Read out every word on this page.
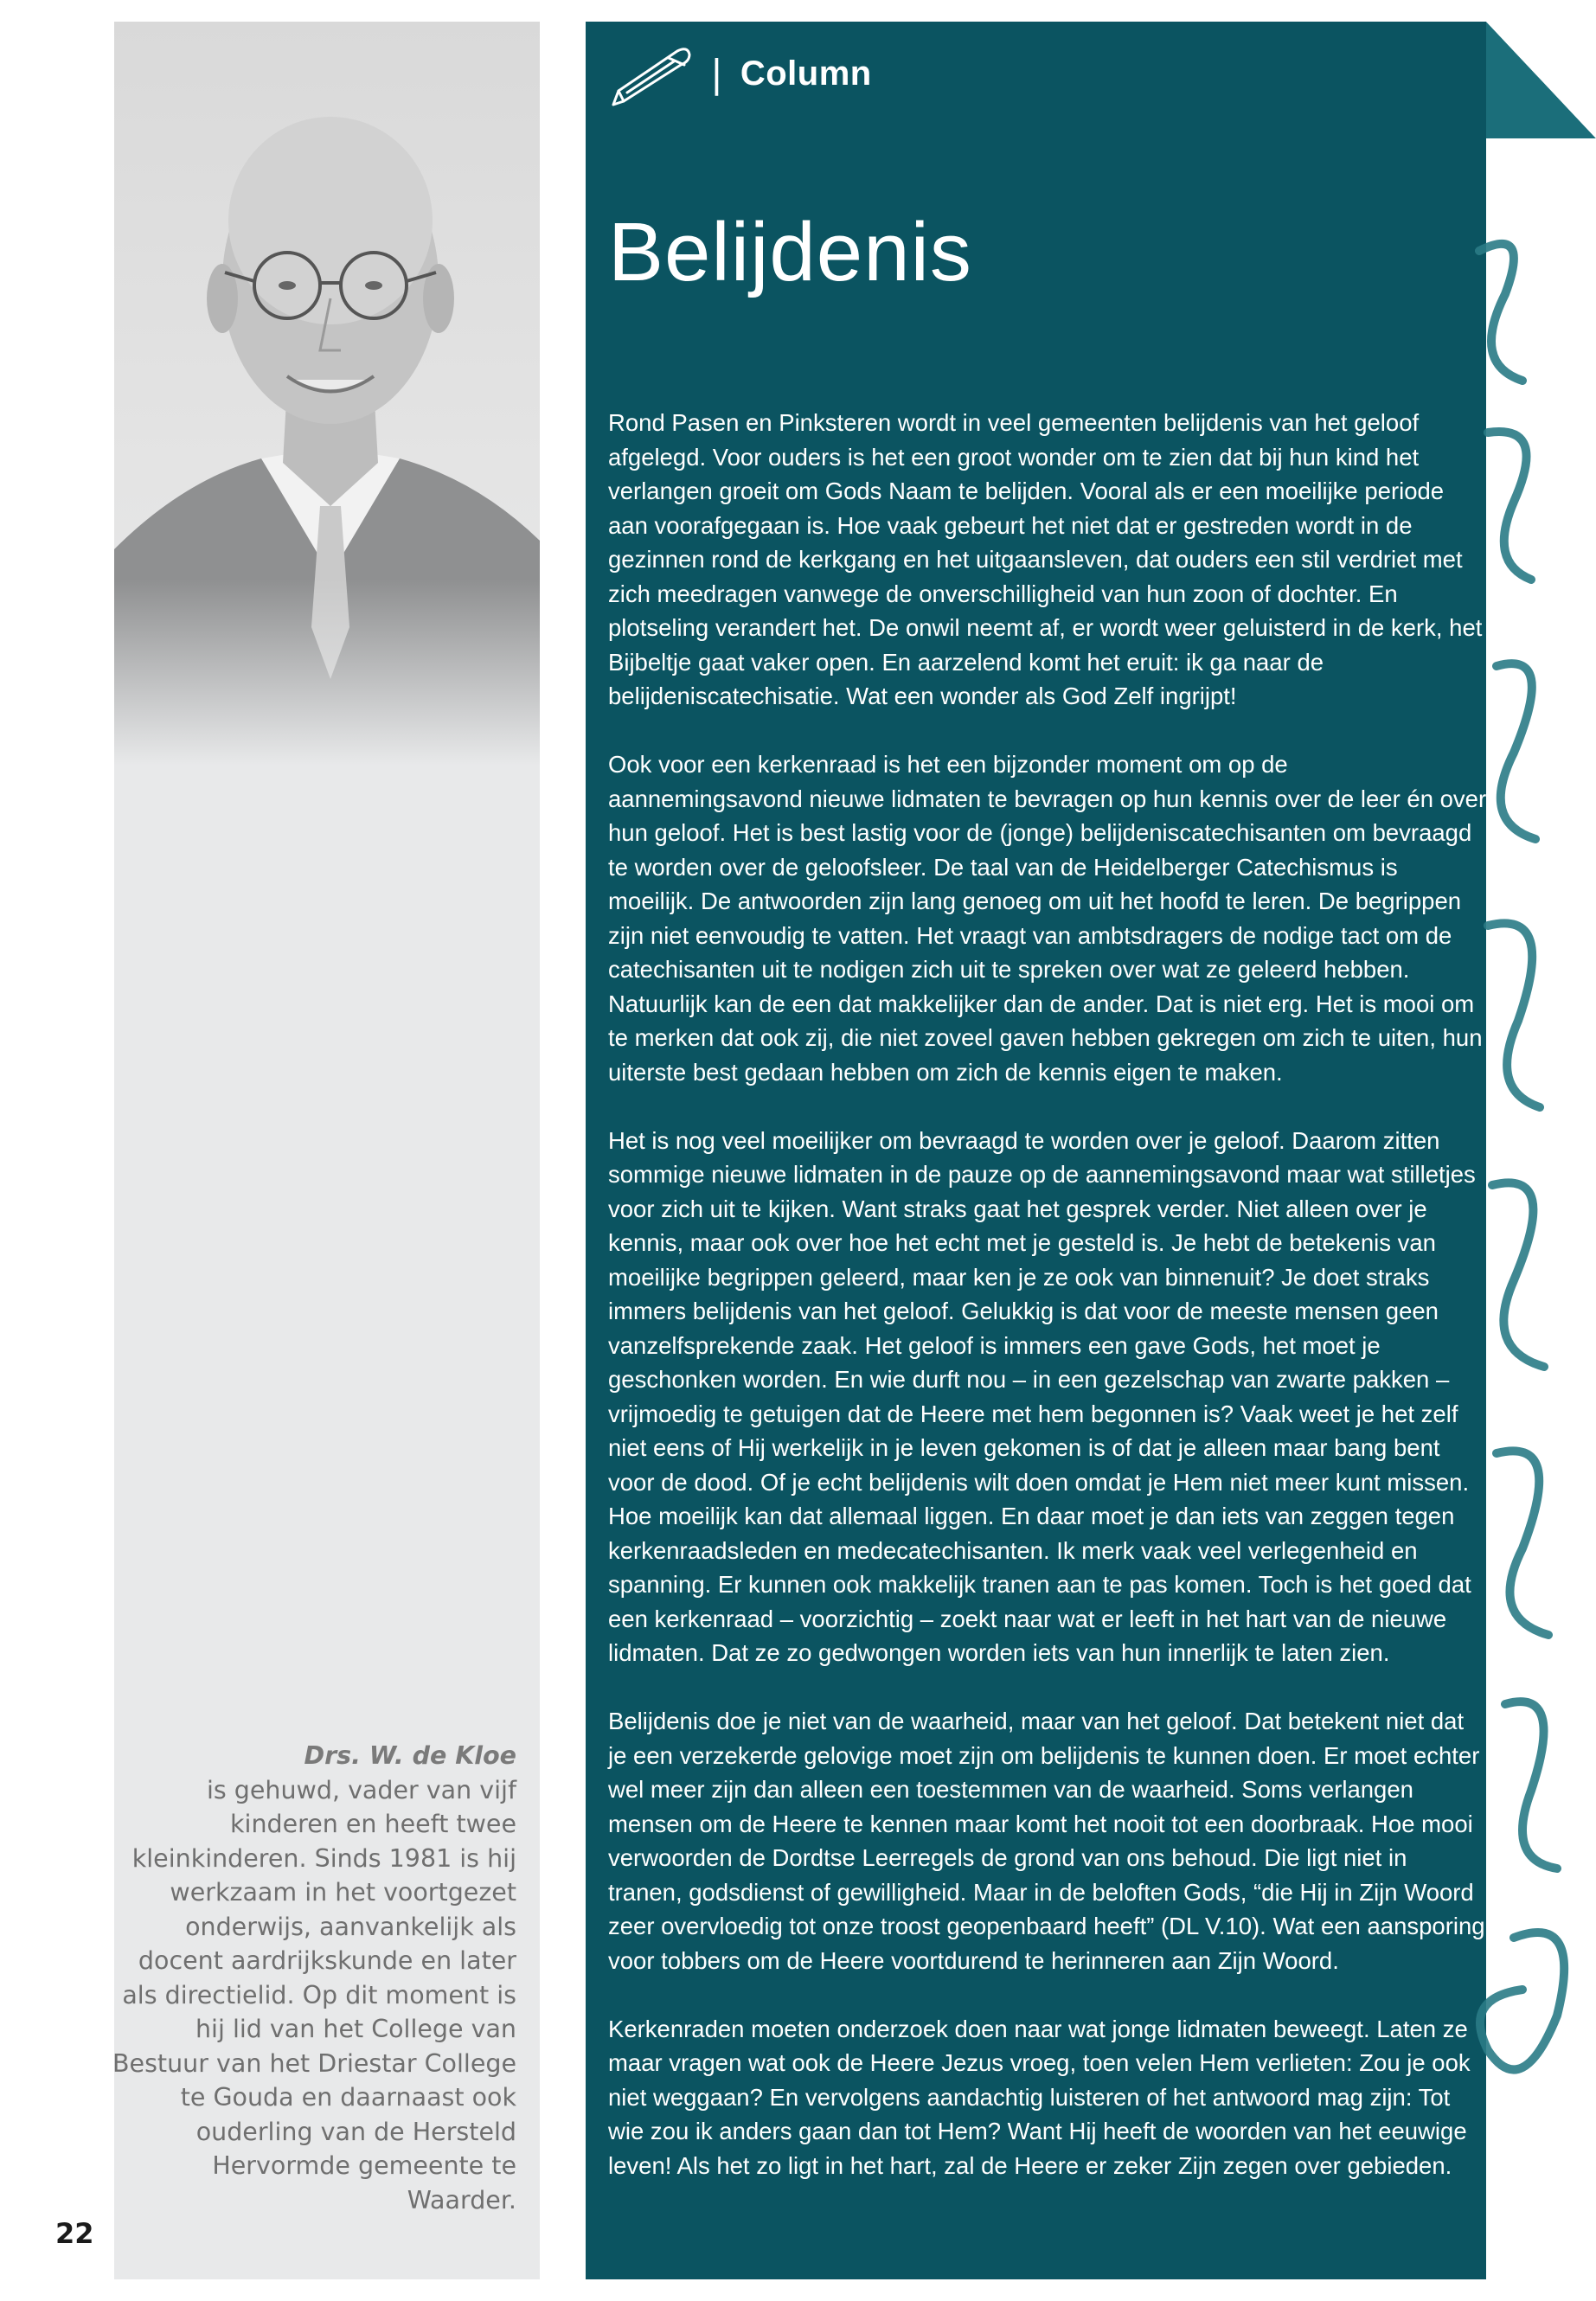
Drs. W. de Kloe
is gehuwd, vader van vijf kinderen en heeft twee kleinkinderen. Sinds 1981 is hij werkzaam in het voortgezet onderwijs, aanvankelijk als docent aardrijkskunde en later als directielid. Op dit moment is hij lid van het College van Bestuur van het Driestar College te Gouda en daarnaast ook ouderling van de Hersteld Hervormde gemeente te Waarder.
22
| Column
Belijdenis

Rond Pasen en Pinksteren wordt in veel gemeenten belijdenis van het geloof afgelegd. Voor ouders is het een groot wonder om te zien dat bij hun kind het verlangen groeit om Gods Naam te belijden. Vooral als er een moeilijke periode aan voorafgegaan is. Hoe vaak gebeurt het niet dat er gestreden wordt in de gezinnen rond de kerkgang en het uitgaansleven, dat ouders een stil verdriet met zich meedragen vanwege de onverschilligheid van hun zoon of dochter. En plotseling verandert het. De onwil neemt af, er wordt weer geluisterd in de kerk, het Bijbeltje gaat vaker open. En aarzelend komt het eruit: ik ga naar de belijdeniscatechisatie. Wat een wonder als God Zelf ingrijpt!

Ook voor een kerkenraad is het een bijzonder moment om op de aannemingsavond nieuwe lidmaten te bevragen op hun kennis over de leer én over hun geloof. Het is best lastig voor de (jonge) belijdeniscatechisanten om bevraagd te worden over de geloofsleer. De taal van de Heidelberger Catechismus is moeilijk. De antwoorden zijn lang genoeg om uit het hoofd te leren. De begrippen zijn niet eenvoudig te vatten. Het vraagt van ambtsdragers de nodige tact om de catechisanten uit te nodigen zich uit te spreken over wat ze geleerd hebben. Natuurlijk kan de een dat makkelijker dan de ander. Dat is niet erg. Het is mooi om te merken dat ook zij, die niet zoveel gaven hebben gekregen om zich te uiten, hun uiterste best gedaan hebben om zich de kennis eigen te maken.

Het is nog veel moeilijker om bevraagd te worden over je geloof. Daarom zitten sommige nieuwe lidmaten in de pauze op de aannemingsavond maar wat stilletjes voor zich uit te kijken. Want straks gaat het gesprek verder. Niet alleen over je kennis, maar ook over hoe het echt met je gesteld is. Je hebt de betekenis van moeilijke begrippen geleerd, maar ken je ze ook van binnenuit? Je doet straks immers belijdenis van het geloof. Gelukkig is dat voor de meeste mensen geen vanzelfsprekende zaak. Het geloof is immers een gave Gods, het moet je geschonken worden. En wie durft nou – in een gezelschap van zwarte pakken – vrijmoedig te getuigen dat de Heere met hem begonnen is? Vaak weet je het zelf niet eens of Hij werkelijk in je leven gekomen is of dat je alleen maar bang bent voor de dood. Of je echt belijdenis wilt doen omdat je Hem niet meer kunt missen. Hoe moeilijk kan dat allemaal liggen. En daar moet je dan iets van zeggen tegen kerkenraadsleden en medecatechisanten. Ik merk vaak veel verlegenheid en spanning. Er kunnen ook makkelijk tranen aan te pas komen. Toch is het goed dat een kerkenraad – voorzichtig – zoekt naar wat er leeft in het hart van de nieuwe lidmaten. Dat ze zo gedwongen worden iets van hun innerlijk te laten zien.

Belijdenis doe je niet van de waarheid, maar van het geloof. Dat betekent niet dat je een verzekerde gelovige moet zijn om belijdenis te kunnen doen. Er moet echter wel meer zijn dan alleen een toestemmen van de waarheid. Soms verlangen mensen om de Heere te kennen maar komt het nooit tot een doorbraak. Hoe mooi verwoorden de Dordtse Leerregels de grond van ons behoud. Die ligt niet in tranen, godsdienst of gewilligheid. Maar in de beloften Gods, “die Hij in Zijn Woord zeer overvloedig tot onze troost geopenbaard heeft” (DL V.10). Wat een aansporing voor tobbers om de Heere voortdurend te herinneren aan Zijn Woord.

Kerkenraden moeten onderzoek doen naar wat jonge lidmaten beweegt. Laten ze maar vragen wat ook de Heere Jezus vroeg, toen velen Hem verlieten: Zou je ook niet weggaan? En vervolgens aandachtig luisteren of het antwoord mag zijn: Tot wie zou ik anders gaan dan tot Hem? Want Hij heeft de woorden van het eeuwige leven! Als het zo ligt in het hart, zal de Heere er zeker Zijn zegen over gebieden.
